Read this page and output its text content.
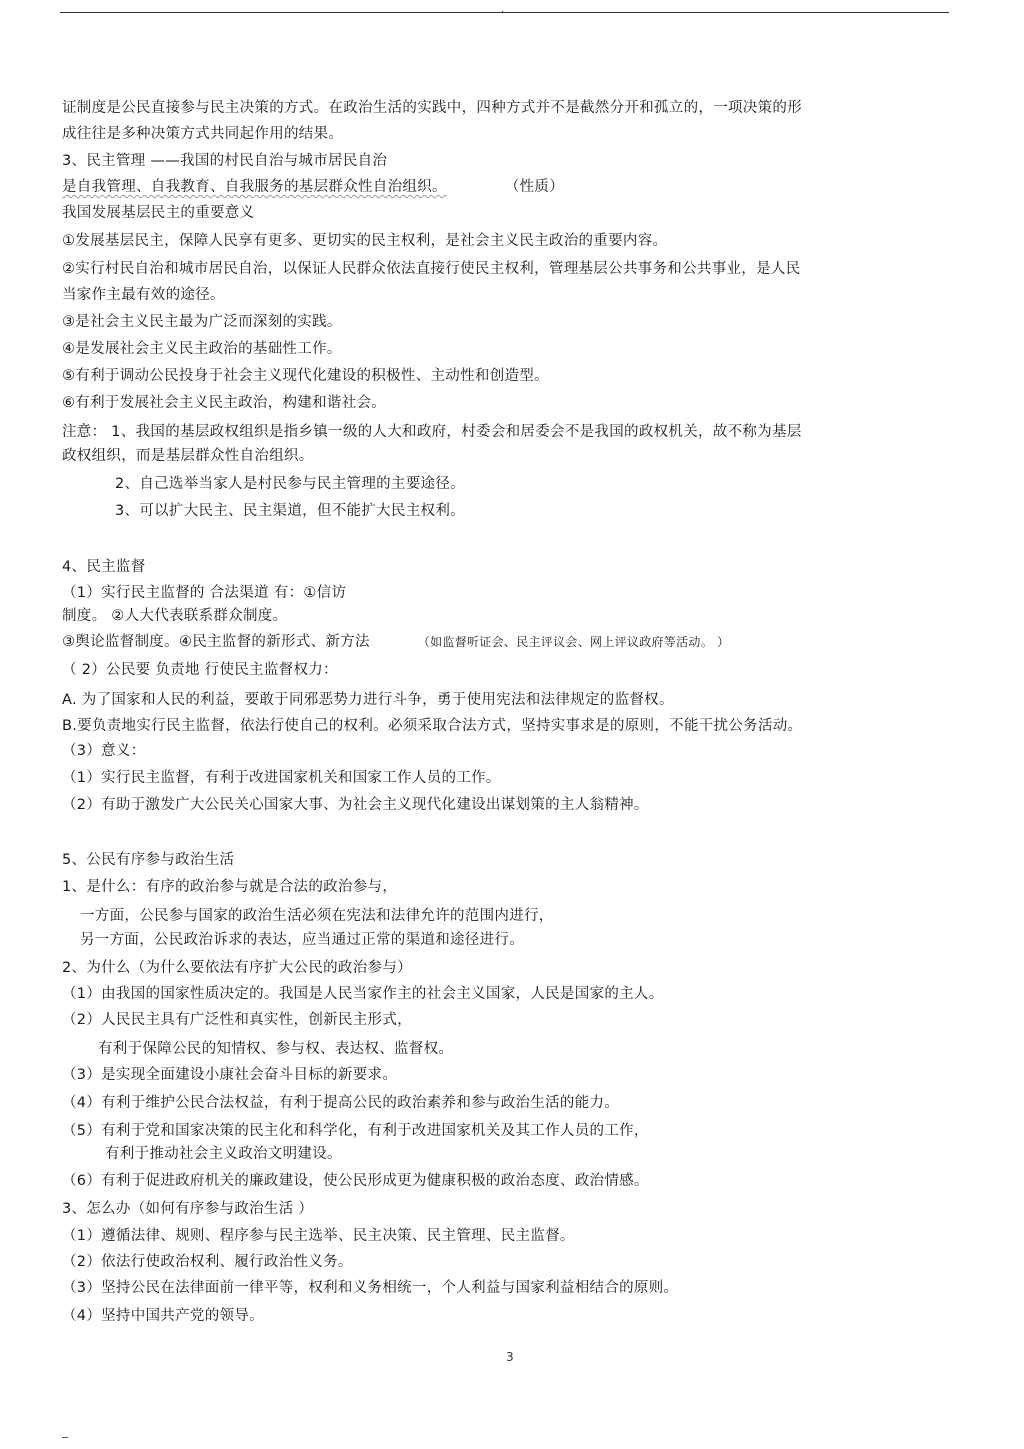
.
证制度是公民直接参与民主决策的方式。在政治生活的实践中，四种方式并不是截然分开和孤立的，一项决策的形
成往往是多种决策方式共同起作用的结果。
3、民主管理 ——我国的村民自治与城市居民自治
是自我管理、自我教育、自我服务的基层群众性自治组织。	（性质）
我国发展基层民主的重要意义
①发展基层民主，保障人民享有更多、更切实的民主权利，是社会主义民主政治的重要内容。
②实行村民自治和城市居民自治，以保证人民群众依法直接行使民主权利，管理基层公共事务和公共事业，是人民
当家作主最有效的途径。
③是社会主义民主最为广泛而深刻的实践。
④是发展社会主义民主政治的基础性工作。
⑤有利于调动公民投身于社会主义现代化建设的积极性、主动性和创造型。
⑥有利于发展社会主义民主政治，构建和谐社会。
注意： 1、我国的基层政权组织是指乡镇一级的人大和政府，村委会和居委会不是我国的政权机关，故不称为基层
政权组织，而是基层群众性自治组织。
2、自己选举当家人是村民参与民主管理的主要途径。
3、可以扩大民主、民主渠道，但不能扩大民主权利。
4、民主监督
（1）实行民主监督的 合法渠道 有：①信访
制度。 ②人大代表联系群众制度。
③舆论监督制度。④民主监督的新形式、新方法	（如监督听证会、民主评议会、网上评议政府等活动。 ）
（ 2）公民要 负责地 行使民主监督权力：
A. 为了国家和人民的利益，要敢于同邪恶势力进行斗争，勇于使用宪法和法律规定的监督权。
B.要负责地实行民主监督，依法行使自己的权利。必须采取合法方式，坚持实事求是的原则，不能干扰公务活动。
（3）意义：
（1）实行民主监督，有利于改进国家机关和国家工作人员的工作。
（2）有助于激发广大公民关心国家大事、为社会主义现代化建设出谋划策的主人翁精神。
5、公民有序参与政治生活
1、是什么：有序的政治参与就是合法的政治参与，
一方面，公民参与国家的政治生活必须在宪法和法律允许的范围内进行，
另一方面，公民政治诉求的表达，应当通过正常的渠道和途径进行。
2、为什么（为什么要依法有序扩大公民的政治参与）
（1）由我国的国家性质决定的。我国是人民当家作主的社会主义国家，人民是国家的主人。
（2）人民民主具有广泛性和真实性，创新民主形式，
有利于保障公民的知情权、参与权、表达权、监督权。
（3）是实现全面建设小康社会奋斗目标的新要求。
（4）有利于维护公民合法权益，有利于提高公民的政治素养和参与政治生活的能力。
（5）有利于党和国家决策的民主化和科学化，有利于改进国家机关及其工作人员的工作，
有利于推动社会主义政治文明建设。
（6）有利于促进政府机关的廉政建设，使公民形成更为健康积极的政治态度、政治情感。
3、怎么办（如何有序参与政治生活 ）
（1）遵循法律、规则、程序参与民主选举、民主决策、民主管理、民主监督。
（2）依法行使政治权利、履行政治性义务。
（3）坚持公民在法律面前一律平等，权利和义务相统一，个人利益与国家利益相结合的原则。
（4）坚持中国共产党的领导。
3
